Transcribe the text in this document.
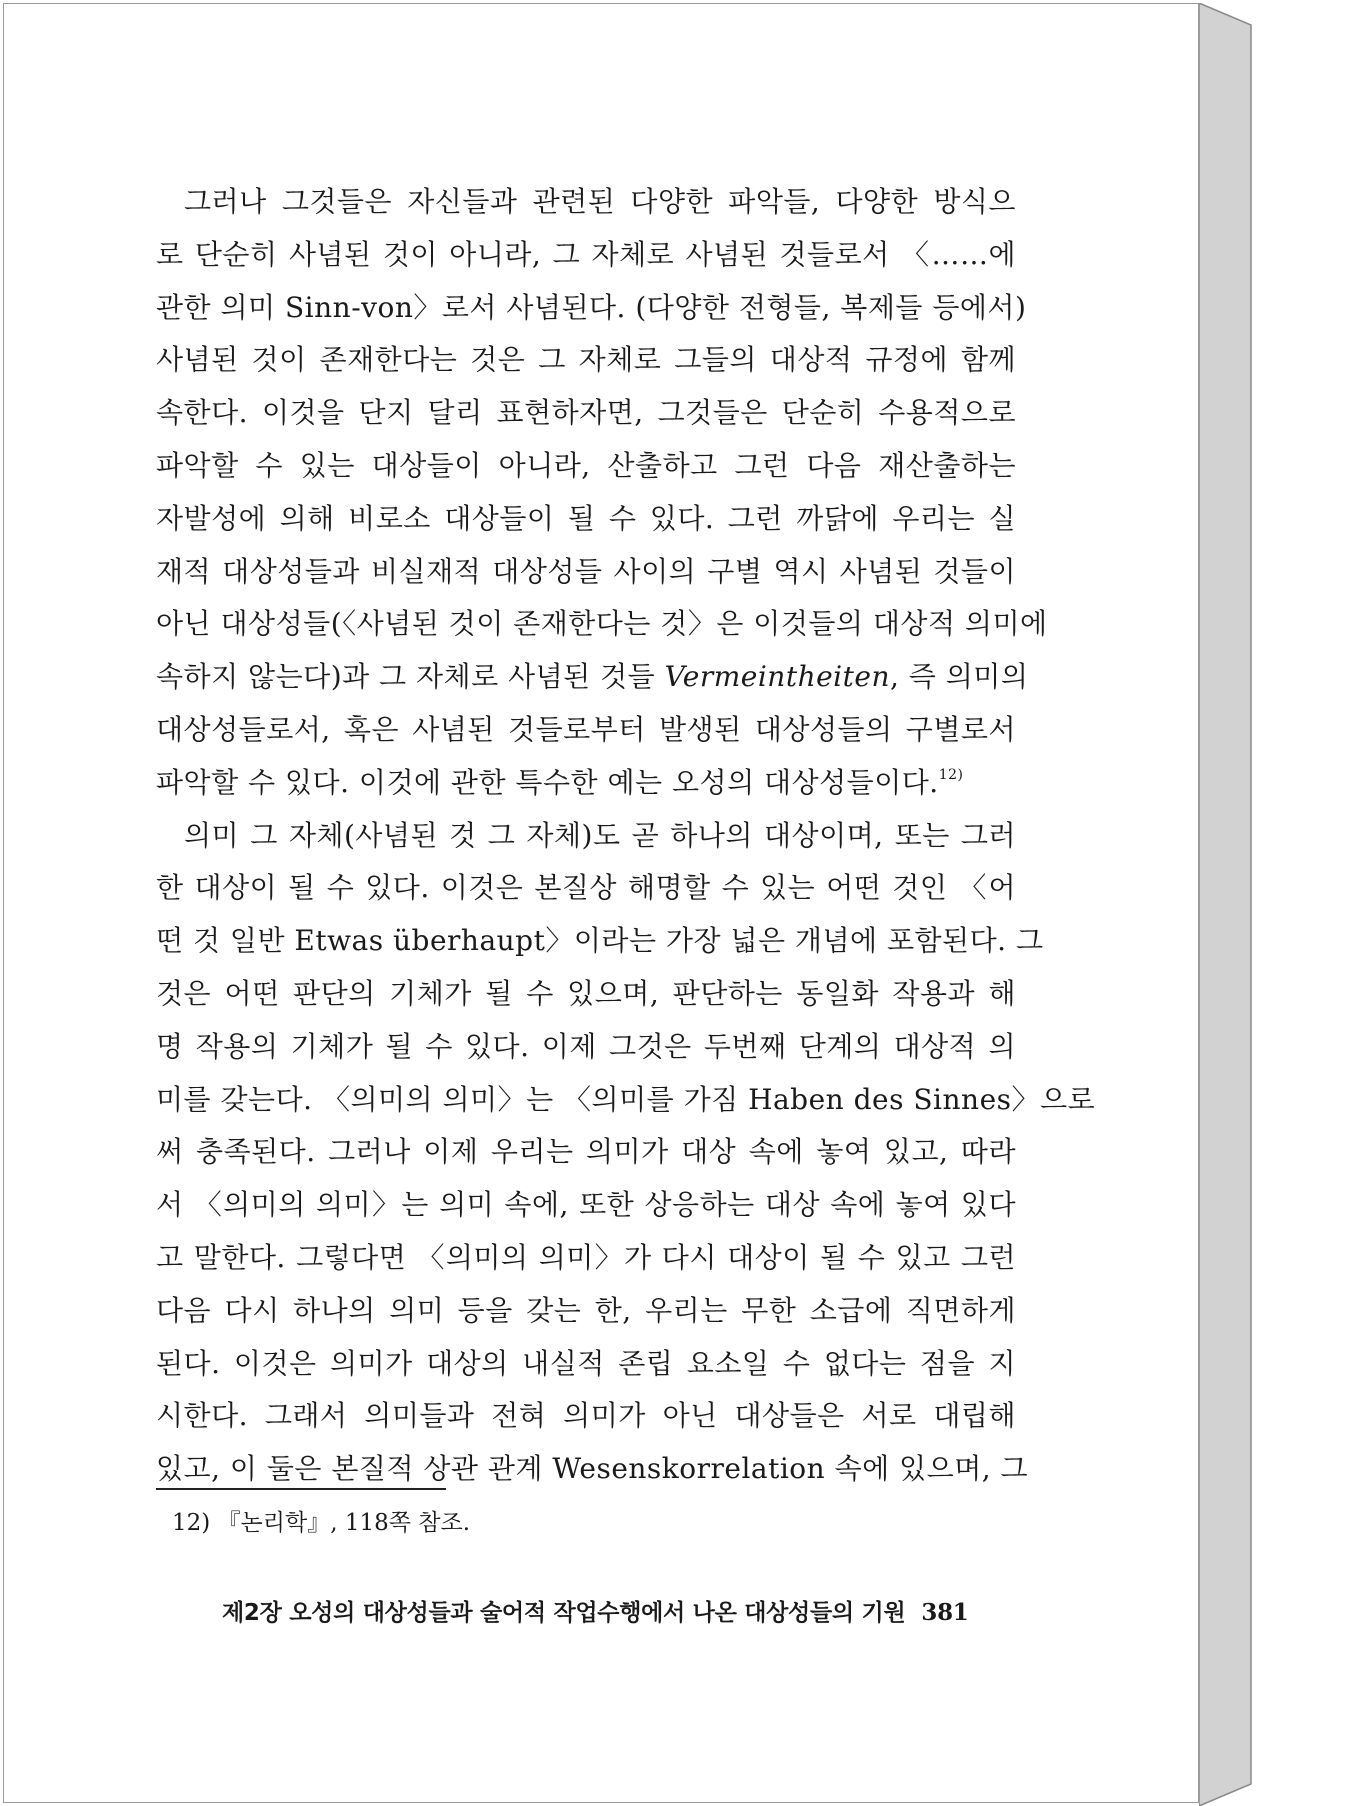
그러나 그것들은 자신들과 관련된 다양한 파악들, 다양한 방식으
로 단순히 사념된 것이 아니라, 그 자체로 사념된 것들로서 〈……에
관한 의미 Sinn-von〉로서 사념된다. (다양한 전형들, 복제들 등에서)
사념된 것이 존재한다는 것은 그 자체로 그들의 대상적 규정에 함께
속한다. 이것을 단지 달리 표현하자면, 그것들은 단순히 수용적으로
파악할 수 있는 대상들이 아니라, 산출하고 그런 다음 재산출하는
자발성에 의해 비로소 대상들이 될 수 있다. 그런 까닭에 우리는 실
재적 대상성들과 비실재적 대상성들 사이의 구별 역시 사념된 것들이
아닌 대상성들(〈사념된 것이 존재한다는 것〉은 이것들의 대상적 의미에
속하지 않는다)과 그 자체로 사념된 것들 Vermeintheiten, 즉 의미의
대상성들로서, 혹은 사념된 것들로부터 발생된 대상성들의 구별로서
파악할 수 있다. 이것에 관한 특수한 예는 오성의 대상성들이다.$^{12)}$
의미 그 자체(사념된 것 그 자체)도 곧 하나의 대상이며, 또는 그러
한 대상이 될 수 있다. 이것은 본질상 해명할 수 있는 어떤 것인 〈어
떤 것 일반 Etwas überhaupt〉이라는 가장 넓은 개념에 포함된다. 그
것은 어떤 판단의 기체가 될 수 있으며, 판단하는 동일화 작용과 해
명 작용의 기체가 될 수 있다. 이제 그것은 두번째 단계의 대상적 의
미를 갖는다. 〈의미의 의미〉는 〈의미를 가짐 Haben des Sinnes〉으로
써 충족된다. 그러나 이제 우리는 의미가 대상 속에 놓여 있고, 따라
서 〈의미의 의미〉는 의미 속에, 또한 상응하는 대상 속에 놓여 있다
고 말한다. 그렇다면 〈의미의 의미〉가 다시 대상이 될 수 있고 그런
다음 다시 하나의 의미 등을 갖는 한, 우리는 무한 소급에 직면하게
된다. 이것은 의미가 대상의 내실적 존립 요소일 수 없다는 점을 지
시한다. 그래서 의미들과 전혀 의미가 아닌 대상들은 서로 대립해
있고, 이 둘은 본질적 상관 관계 Wesenskorrelation 속에 있으며, 그
12) 『논리학』, 118쪽 참조.
제2장 오성의 대상성들과 술어적 작업수행에서 나온 대상성들의 기원 381
